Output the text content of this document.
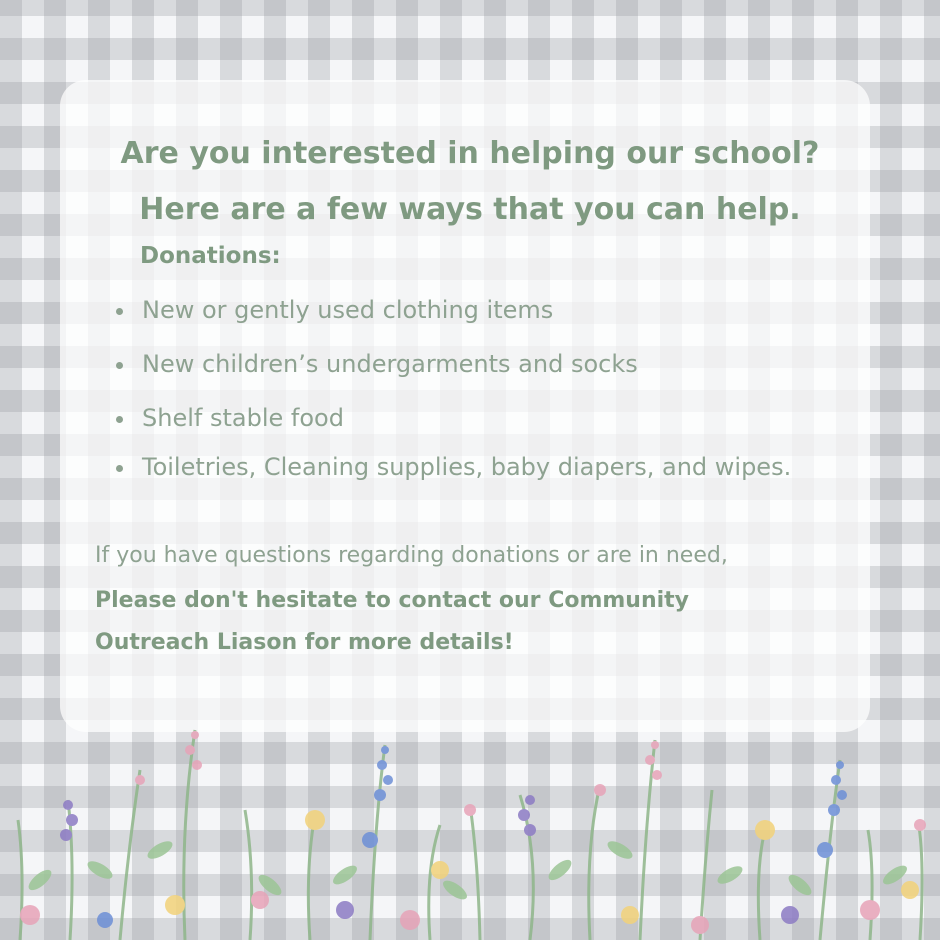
Are you interested in helping our school?
Here are a few ways that you can help.
Donations:
New or gently used clothing items
New children’s undergarments and socks
Shelf stable food
Toiletries, Cleaning supplies, baby diapers, and wipes.
If you have questions regarding donations or are in need,
Please don't hesitate to contact our Community
Outreach Liason for more details!
